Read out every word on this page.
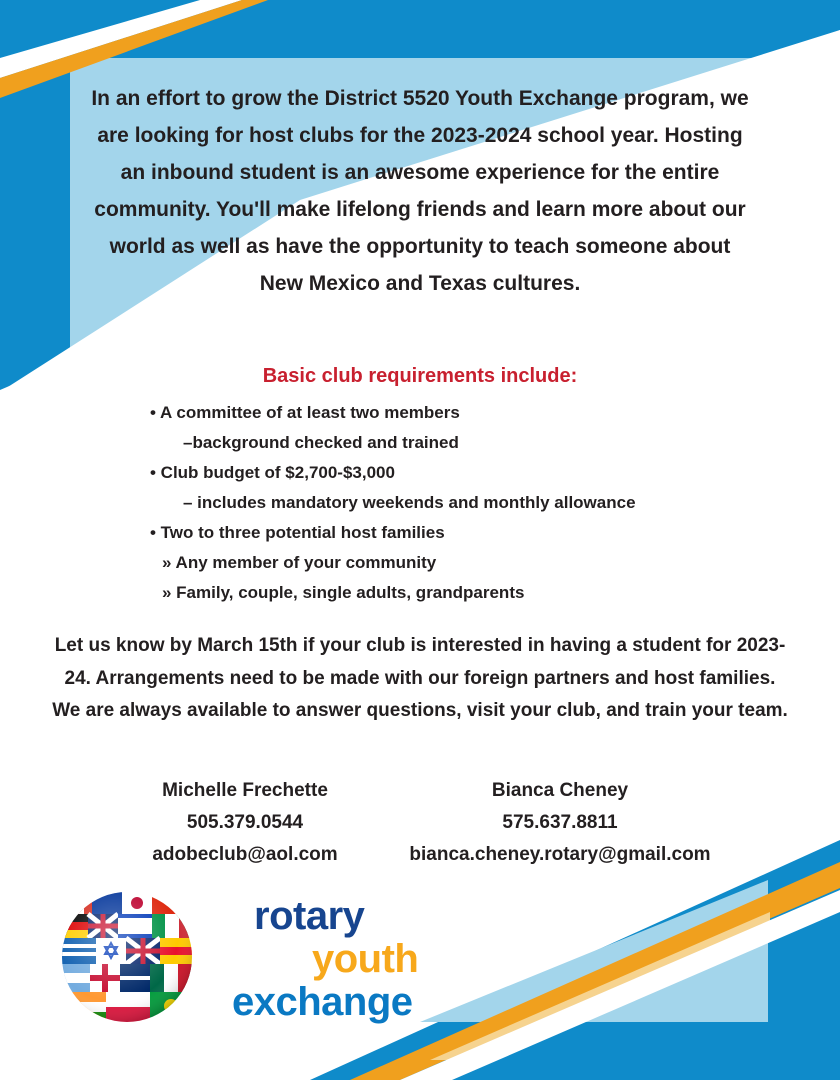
In an effort to grow the District 5520 Youth Exchange program, we are looking for host clubs for the 2023-2024 school year. Hosting an inbound student is an awesome experience for the entire community. You'll make lifelong friends and learn more about our world as well as have the opportunity to teach someone about New Mexico and Texas cultures.

Basic club requirements include:

• A committee of at least two members
–background checked and trained
• Club budget of $2,700-$3,000
– includes mandatory weekends and monthly allowance
• Two to three potential host families
» Any member of your community
» Family, couple, single adults, grandparents

Let us know by March 15th if your club is interested in having a student for 2023-24. Arrangements need to be made with our foreign partners and host families. We are always available to answer questions, visit your club, and train your team.

Michelle Frechette
505.379.0544
adobeclub@aol.com
Bianca Cheney
575.637.8811
bianca.cheney.rotary@gmail.com
rotary
youth
exchange
